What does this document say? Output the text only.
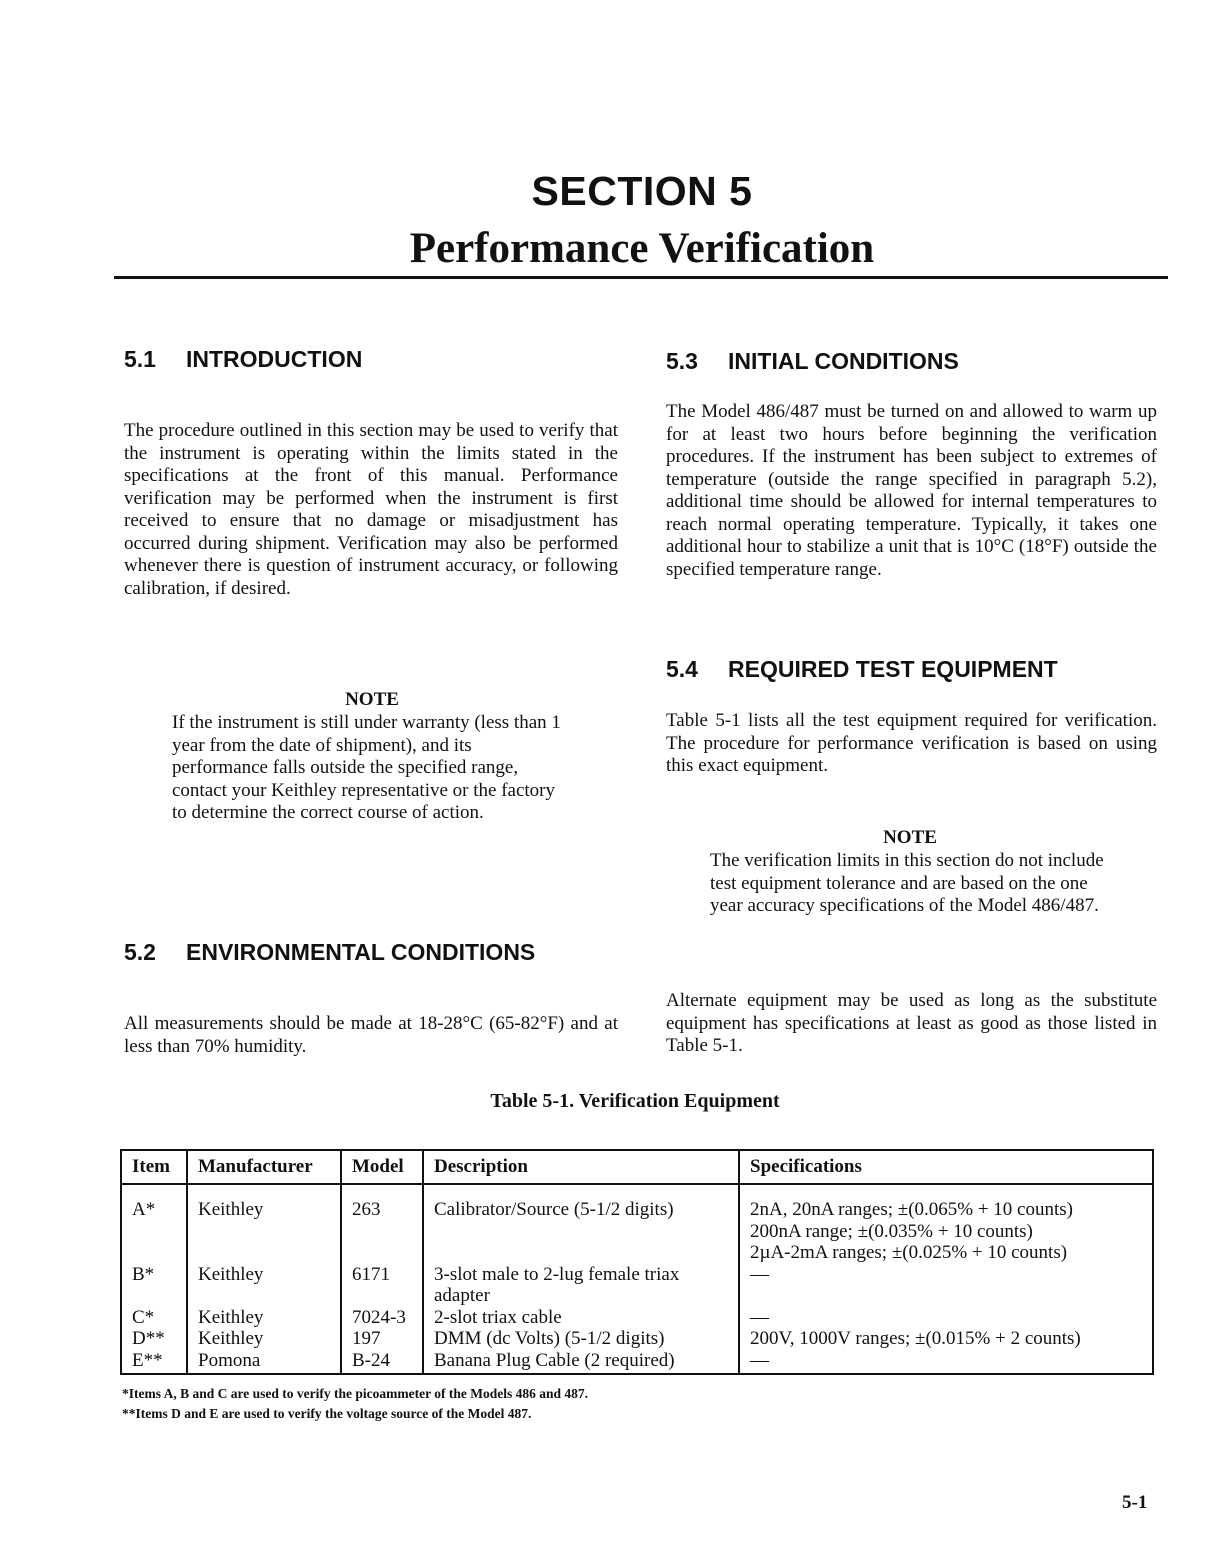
SECTION 5
Performance Verification
5.1 INTRODUCTION
The procedure outlined in this section may be used to verify that the instrument is operating within the limits stated in the specifications at the front of this manual. Performance verification may be performed when the instrument is first received to ensure that no damage or misadjustment has occurred during shipment. Verification may also be performed whenever there is question of instrument accuracy, or following calibration, if desired.
NOTE
If the instrument is still under warranty (less than 1 year from the date of shipment), and its performance falls outside the specified range, contact your Keithley representative or the factory to determine the correct course of action.
5.2 ENVIRONMENTAL CONDITIONS
All measurements should be made at 18-28°C (65-82°F) and at less than 70% humidity.
5.3 INITIAL CONDITIONS
The Model 486/487 must be turned on and allowed to warm up for at least two hours before beginning the verification procedures. If the instrument has been subject to extremes of temperature (outside the range specified in paragraph 5.2), additional time should be allowed for internal temperatures to reach normal operating temperature. Typically, it takes one additional hour to stabilize a unit that is 10°C (18°F) outside the specified temperature range.
5.4 REQUIRED TEST EQUIPMENT
Table 5-1 lists all the test equipment required for verification. The procedure for performance verification is based on using this exact equipment.
NOTE
The verification limits in this section do not include test equipment tolerance and are based on the one year accuracy specifications of the Model 486/487.
Alternate equipment may be used as long as the substitute equipment has specifications at least as good as those listed in Table 5-1.
Table 5-1. Verification Equipment
Item	Manufacturer	Model	Description	Specifications
A*	Keithley	263	Calibrator/Source (5-1/2 digits)	2nA, 20nA ranges; ±(0.065% + 10 counts)
200nA range; ±(0.035% + 10 counts)
2µA-2mA ranges; ±(0.025% + 10 counts)

B*	Keithley	6171	3-slot male to 2-lug female triax
adapter	—
C*	Keithley	7024-3	2-slot triax cable	—
D**	Keithley	197	DMM (dc Volts) (5-1/2 digits)	200V, 1000V ranges; ±(0.015% + 2 counts)
E**	Pomona	B-24	Banana Plug Cable (2 required)	—
*Items A, B and C are used to verify the picoammeter of the Models 486 and 487.
**Items D and E are used to verify the voltage source of the Model 487.
5-1
